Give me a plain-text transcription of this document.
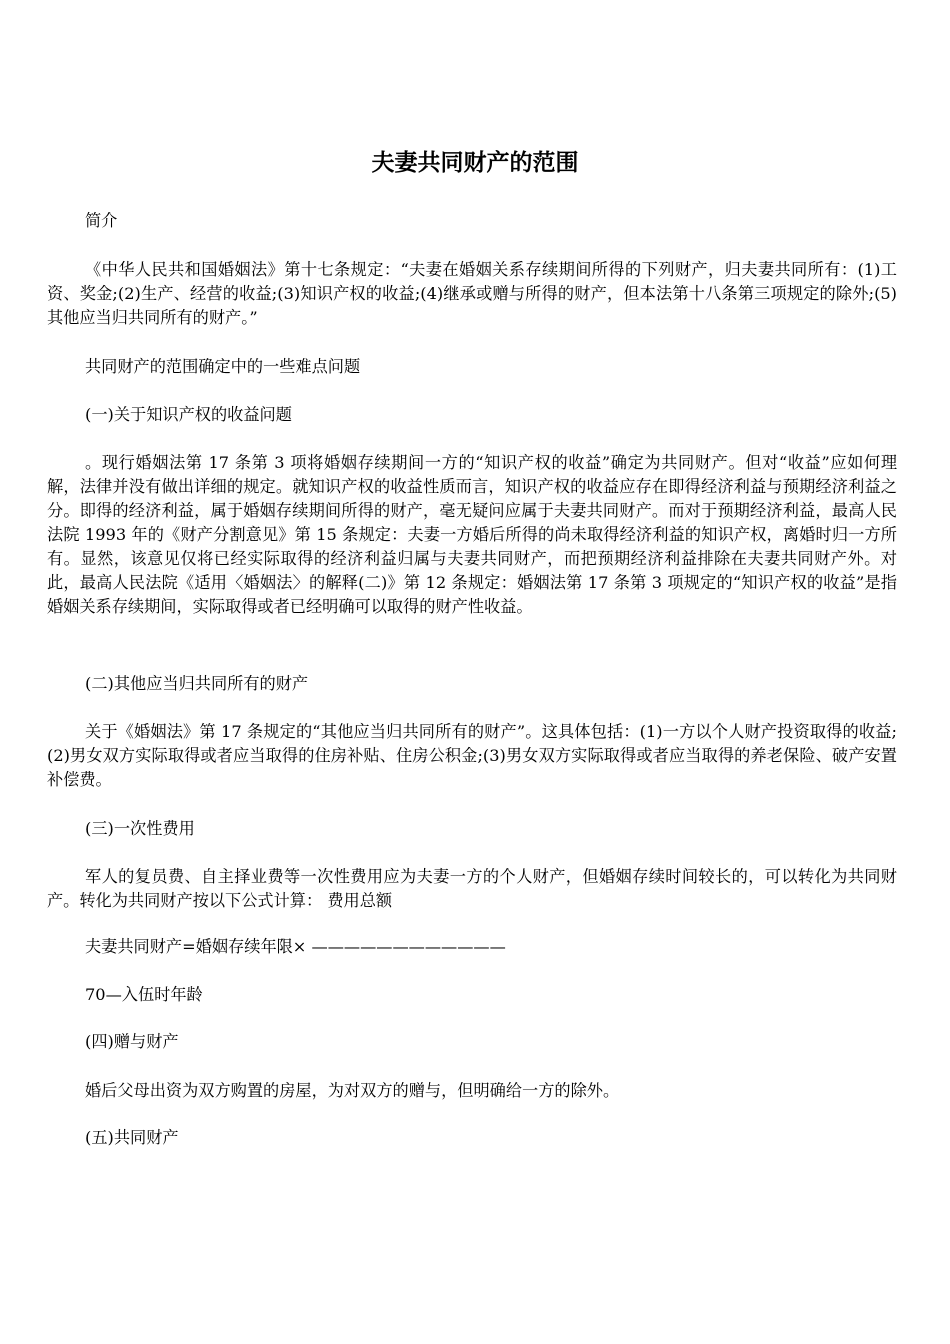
夫妻共同财产的范围

简介

《中华人民共和国婚姻法》第十七条规定：“夫妻在婚姻关系存续期间所得的下列财产，归夫妻共同所有：(1)工资、奖金;(2)生产、经营的收益;(3)知识产权的收益;(4)继承或赠与所得的财产，但本法第十八条第三项规定的除外;(5)其他应当归共同所有的财产。”

共同财产的范围确定中的一些难点问题

(一)关于知识产权的收益问题

。现行婚姻法第 17 条第 3 项将婚姻存续期间一方的“知识产权的收益”确定为共同财产。但对“收益”应如何理解，法律并没有做出详细的规定。就知识产权的收益性质而言，知识产权的收益应存在即得经济利益与预期经济利益之分。即得的经济利益，属于婚姻存续期间所得的财产，毫无疑问应属于夫妻共同财产。而对于预期经济利益，最高人民法院 1993 年的《财产分割意见》第 15 条规定：夫妻一方婚后所得的尚未取得经济利益的知识产权，离婚时归一方所有。显然，该意见仅将已经实际取得的经济利益归属与夫妻共同财产，而把预期经济利益排除在夫妻共同财产外。对此，最高人民法院《适用〈婚姻法〉的解释(二)》第 12 条规定：婚姻法第 17 条第 3 项规定的“知识产权的收益”是指婚姻关系存续期间，实际取得或者已经明确可以取得的财产性收益。

(二)其他应当归共同所有的财产

关于《婚姻法》第 17 条规定的“其他应当归共同所有的财产”。这具体包括：(1)一方以个人财产投资取得的收益;(2)男女双方实际取得或者应当取得的住房补贴、住房公积金;(3)男女双方实际取得或者应当取得的养老保险、破产安置补偿费。

(三)一次性费用

军人的复员费、自主择业费等一次性费用应为夫妻一方的个人财产，但婚姻存续时间较长的，可以转化为共同财产。转化为共同财产按以下公式计算： 费用总额

夫妻共同财产=婚姻存续年限× ————————————

70—入伍时年龄

(四)赠与财产

婚后父母出资为双方购置的房屋，为对双方的赠与，但明确给一方的除外。

(五)共同财产
